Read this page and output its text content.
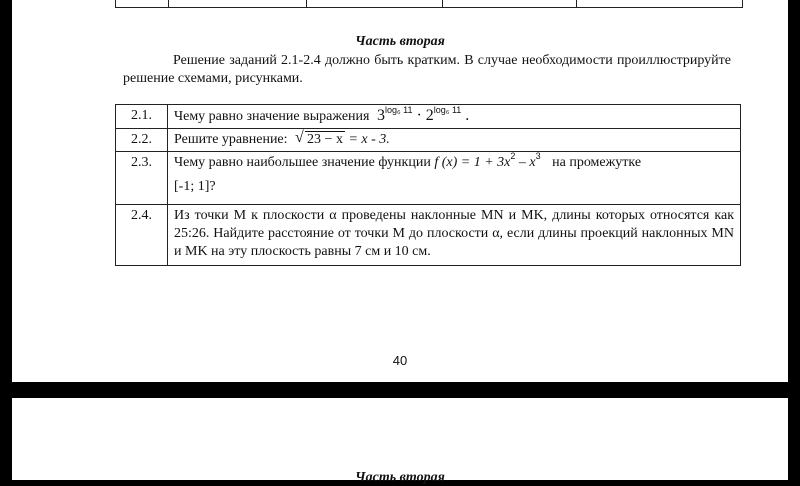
Часть вторая
Решение заданий 2.1-2.4 должно быть кратким. В случае необходимости проиллюстрируйте решение схемами, рисунками.
2.1.	Чему равно значение выражения $3^{log_6 11} \cdot 2^{log_6 11}$ .
2.2.	Решите уравнение: √ 23 − x = x - 3.
2.3.	Чему равно наибольшее значение функции f $(x) = 1 + 3x^2 - x^3$ на промежутке
[-1; 1]?

2.4.	Из точки M к плоскости α проведены наклонные MN и MK, длины которых относятся как 25:26. Найдите расстояние от точки M до плоскости α, если длины проекций наклонных MN и MK на эту плоскость равны 7 см и 10 см.
40
Часть вторая
